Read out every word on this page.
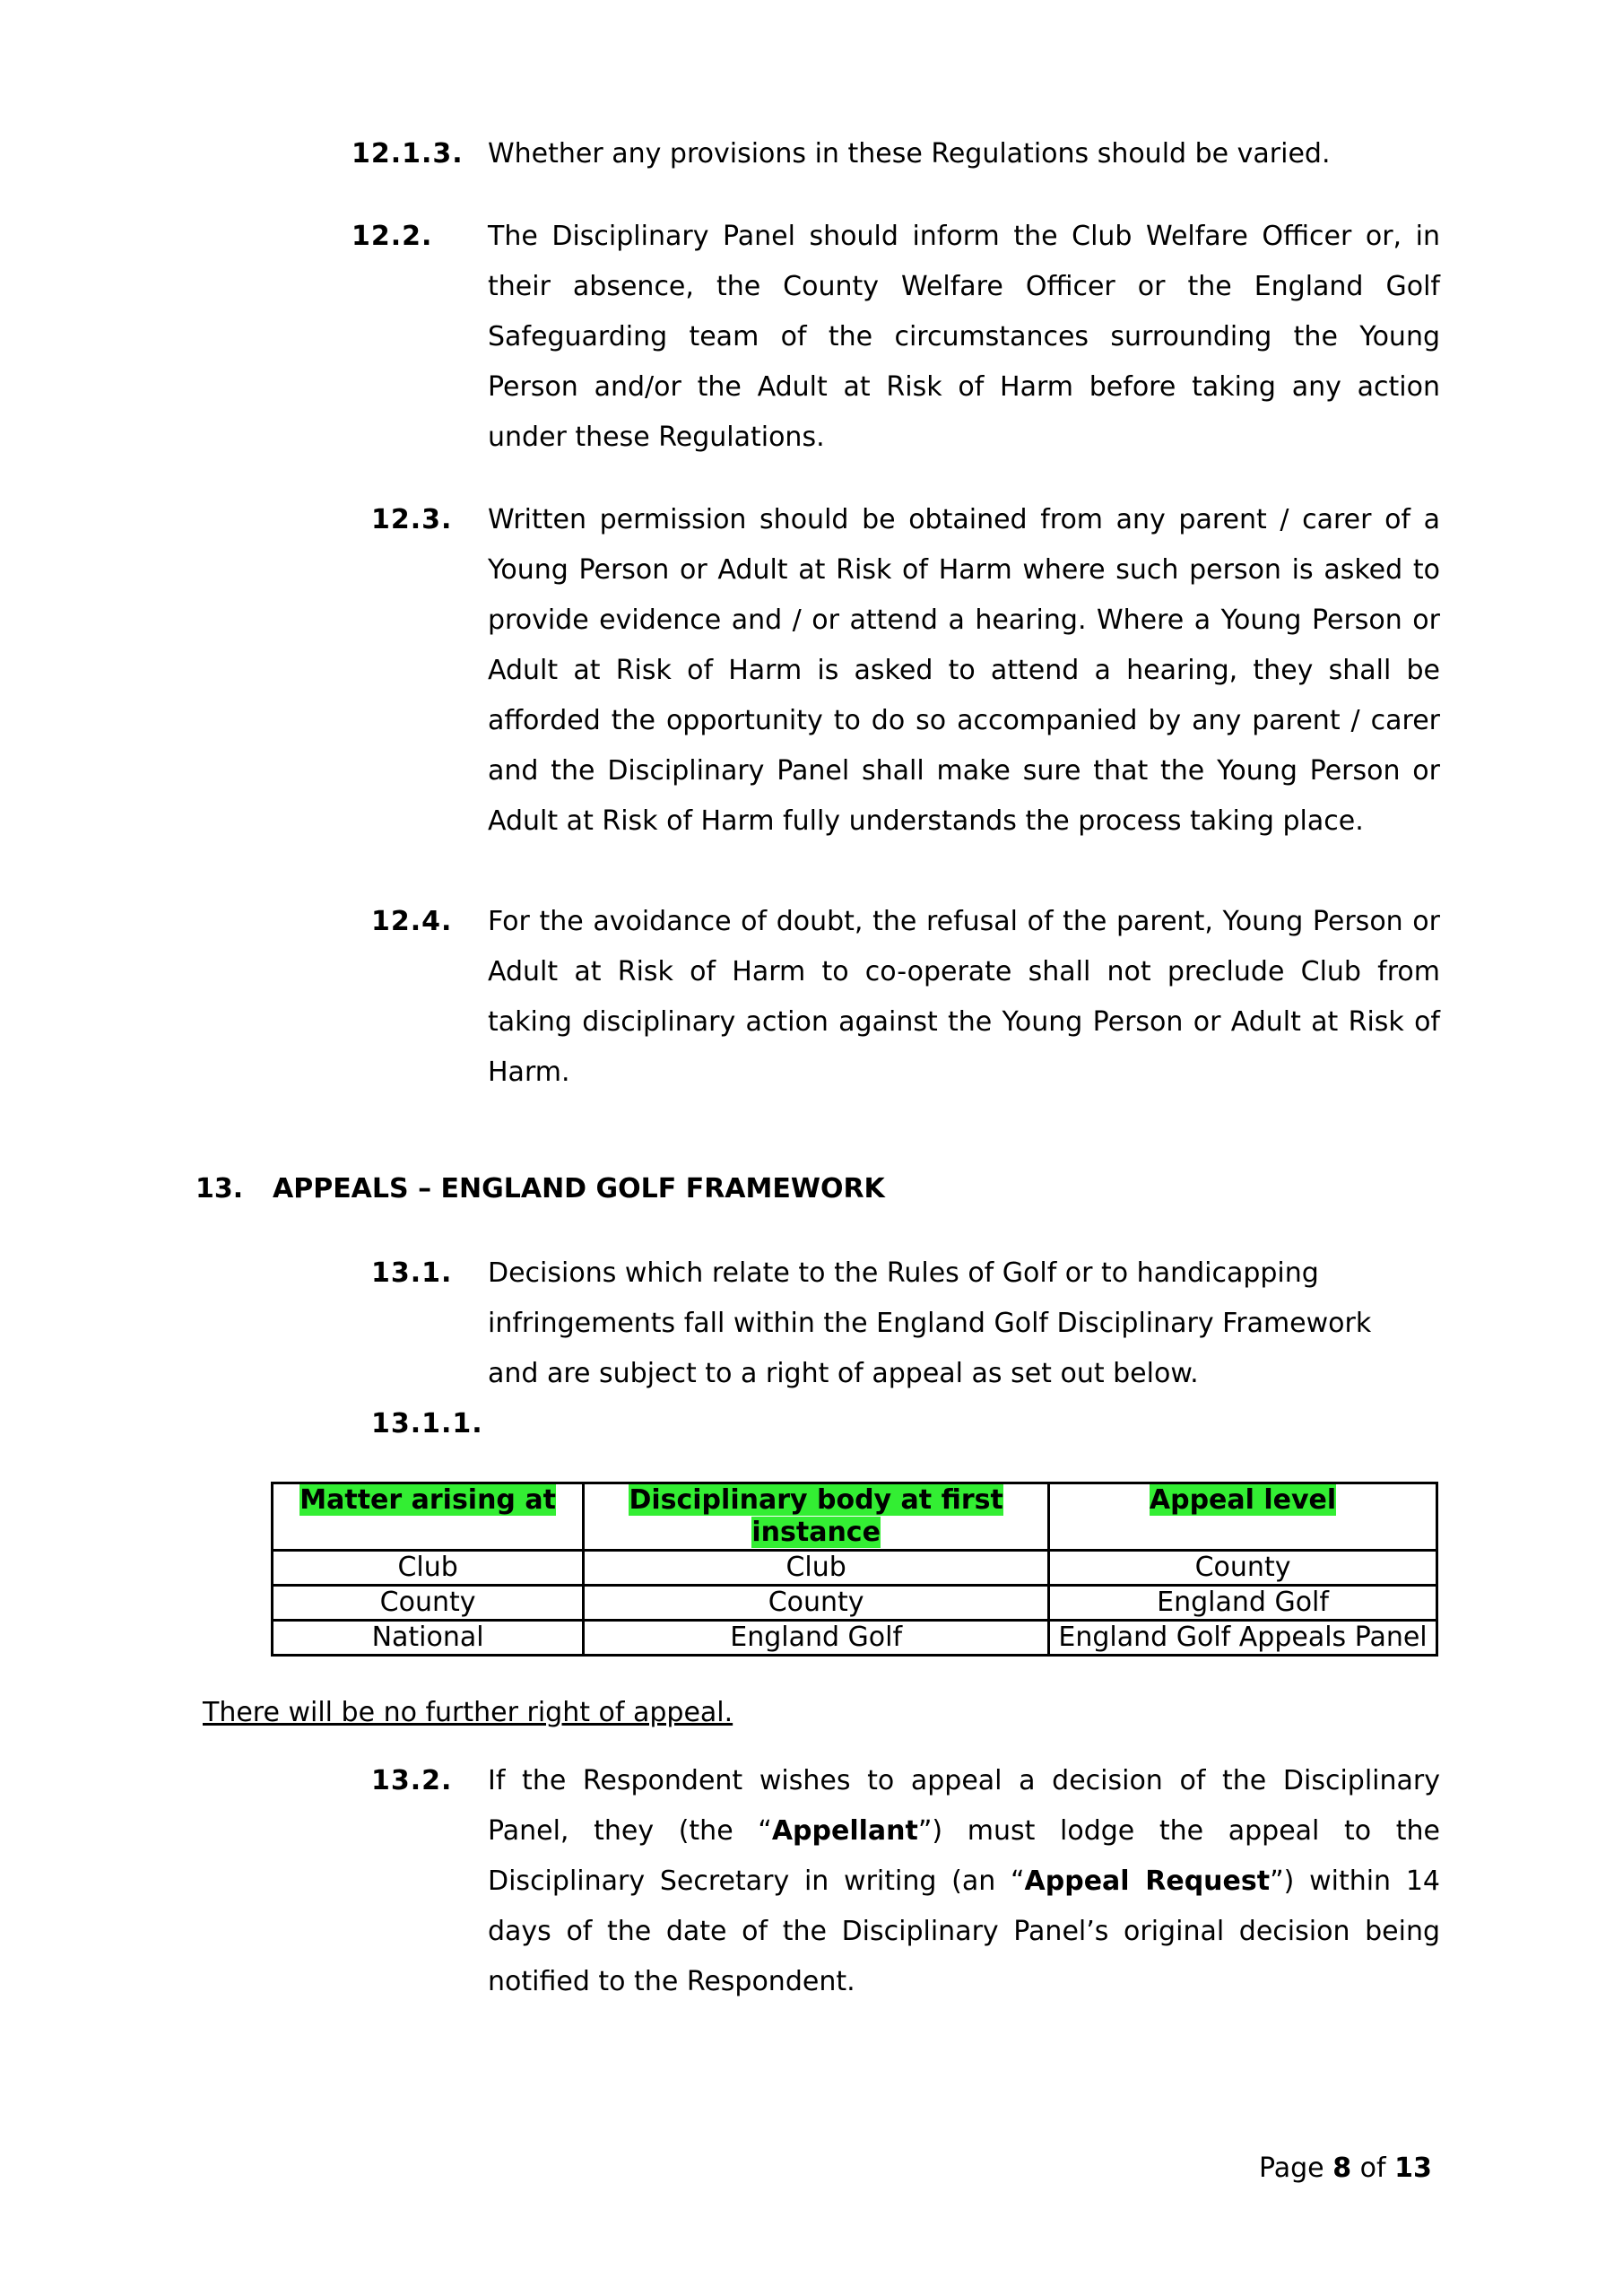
12.1.3. Whether any provisions in these Regulations should be varied.
12.2. The Disciplinary Panel should inform the Club Welfare Officer or, in their absence, the County Welfare Officer or the England Golf Safeguarding team of the circumstances surrounding the Young Person and/or the Adult at Risk of Harm before taking any action under these Regulations.
12.3. Written permission should be obtained from any parent / carer of a Young Person or Adult at Risk of Harm where such person is asked to provide evidence and / or attend a hearing. Where a Young Person or Adult at Risk of Harm is asked to attend a hearing, they shall be afforded the opportunity to do so accompanied by any parent / carer and the Disciplinary Panel shall make sure that the Young Person or Adult at Risk of Harm fully understands the process taking place.
12.4. For the avoidance of doubt, the refusal of the parent, Young Person or Adult at Risk of Harm to co-operate shall not preclude Club from taking disciplinary action against the Young Person or Adult at Risk of Harm.
13. APPEALS – ENGLAND GOLF FRAMEWORK
13.1. Decisions which relate to the Rules of Golf or to handicapping infringements fall within the England Golf Disciplinary Framework and are subject to a right of appeal as set out below.
13.1.1.
Matter arising at	Disciplinary body at first instance	Appeal level
Club	Club	County
County	County	England Golf
National	England Golf	England Golf Appeals Panel
There will be no further right of appeal.
13.2. If the Respondent wishes to appeal a decision of the Disciplinary Panel, they (the “Appellant”) must lodge the appeal to the Disciplinary Secretary in writing (an “Appeal Request”) within 14 days of the date of the Disciplinary Panel’s original decision being notified to the Respondent.
Page 8 of 13
